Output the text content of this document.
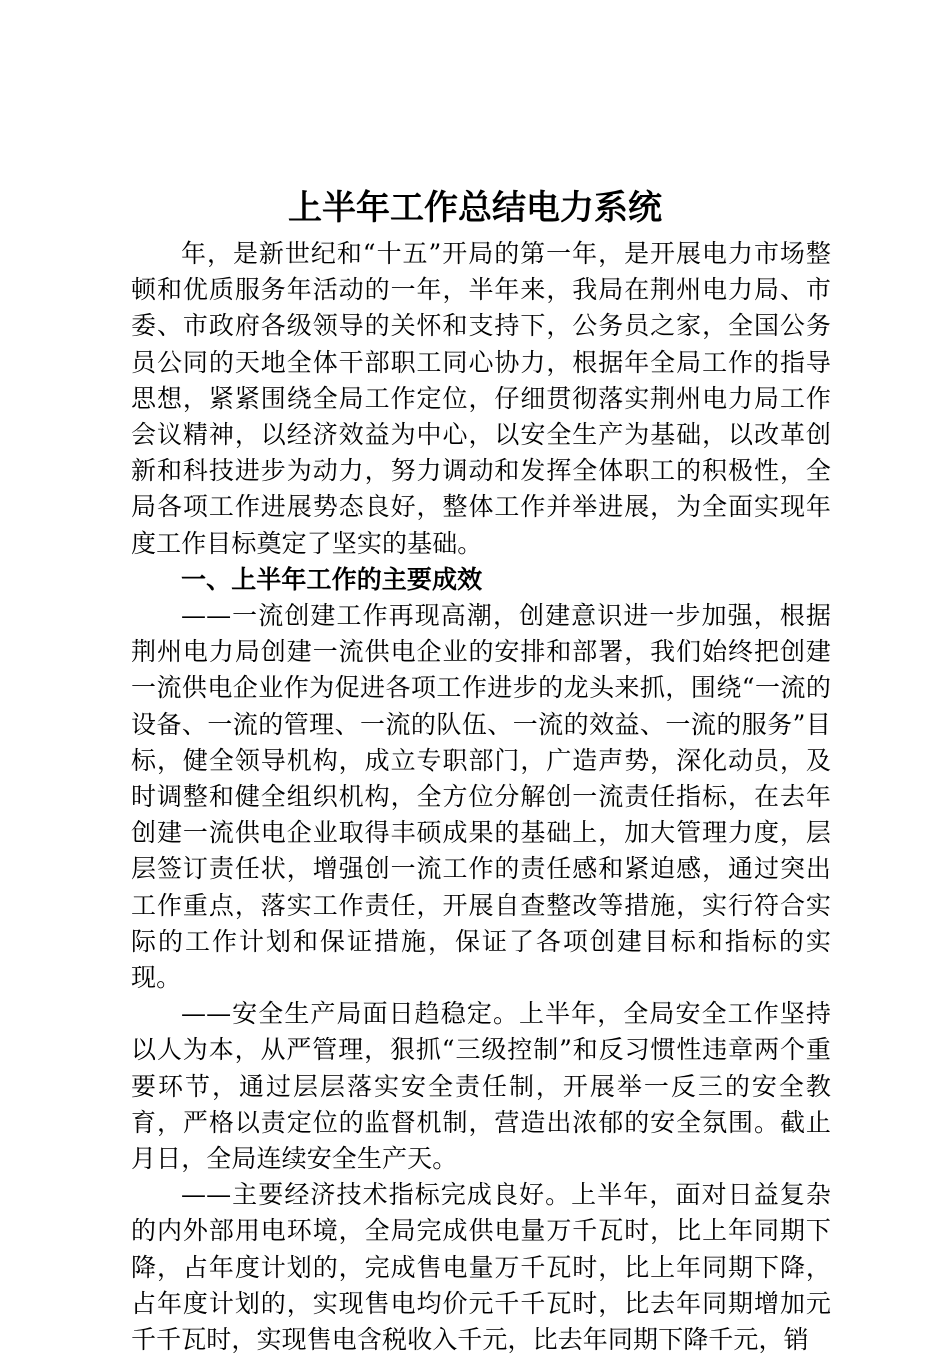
上半年工作总结电力系统

年，是新世纪和“十五”开局的第一年，是开展电力市场整顿和优质服务年活动的一年，半年来，我局在荆州电力局、市委、市政府各级领导的关怀和支持下，公务员之家，全国公务员公同的天地全体干部职工同心协力，根据年全局工作的指导思想，紧紧围绕全局工作定位，仔细贯彻落实荆州电力局工作会议精神，以经济效益为中心，以安全生产为基础，以改革创新和科技进步为动力，努力调动和发挥全体职工的积极性，全局各项工作进展势态良好，整体工作并举进展，为全面实现年度工作目标奠定了坚实的基础。

一、上半年工作的主要成效

——一流创建工作再现高潮，创建意识进一步加强，根据荆州电力局创建一流供电企业的安排和部署，我们始终把创建一流供电企业作为促进各项工作进步的龙头来抓，围绕“一流的设备、一流的管理、一流的队伍、一流的效益、一流的服务”目标，健全领导机构，成立专职部门，广造声势，深化动员，及时调整和健全组织机构，全方位分解创一流责任指标，在去年创建一流供电企业取得丰硕成果的基础上，加大管理力度，层层签订责任状，增强创一流工作的责任感和紧迫感，通过突出工作重点，落实工作责任，开展自查整改等措施，实行符合实际的工作计划和保证措施，保证了各项创建目标和指标的实现。

——安全生产局面日趋稳定。上半年，全局安全工作坚持以人为本，从严管理，狠抓“三级控制”和反习惯性违章两个重要环节，通过层层落实安全责任制，开展举一反三的安全教育，严格以责定位的监督机制，营造出浓郁的安全氛围。截止月日，全局连续安全生产天。

——主要经济技术指标完成良好。上半年，面对日益复杂的内外部用电环境，全局完成供电量万千瓦时，比上年同期下降，占年度计划的，完成售电量万千瓦时，比上年同期下降，占年度计划的，实现售电均价元千千瓦时，比去年同期增加元千千瓦时，实现售电含税收入千元，比去年同期下降千元，销
